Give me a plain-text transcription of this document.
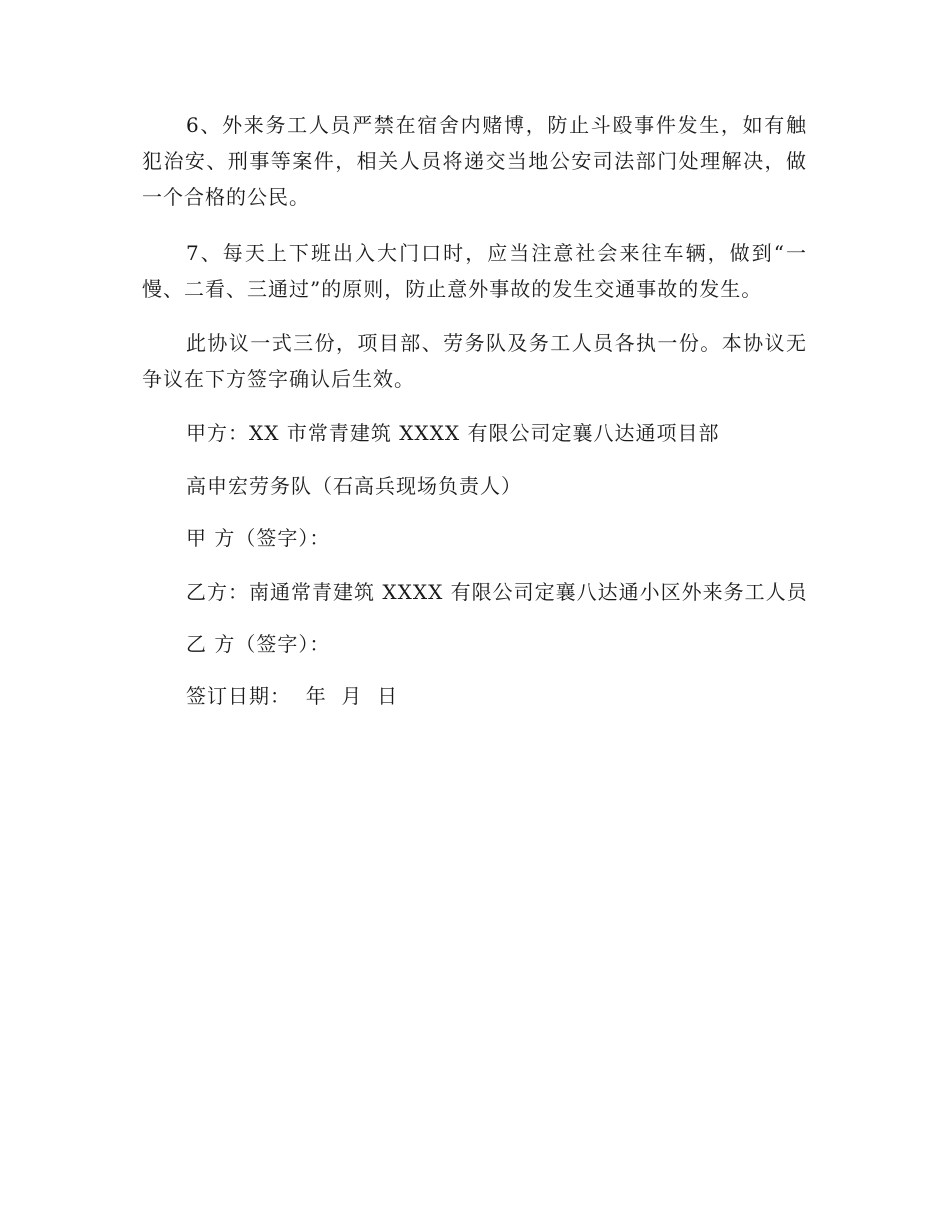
6、外来务工人员严禁在宿舍内赌博，防止斗殴事件发生，如有触犯治安、刑事等案件，相关人员将递交当地公安司法部门处理解决，做一个合格的公民。

7、每天上下班出入大门口时，应当注意社会来往车辆，做到“一慢、二看、三通过”的原则，防止意外事故的发生交通事故的发生。

此协议一式三份，项目部、劳务队及务工人员各执一份。本协议无争议在下方签字确认后生效。

甲方：XX 市常青建筑 XXXX 有限公司定襄八达通项目部

高申宏劳务队（石高兵现场负责人）

甲 方（签字）：

乙方：南通常青建筑 XXXX 有限公司定襄八达通小区外来务工人员

乙 方（签字）：

签订日期：  年  月  日
